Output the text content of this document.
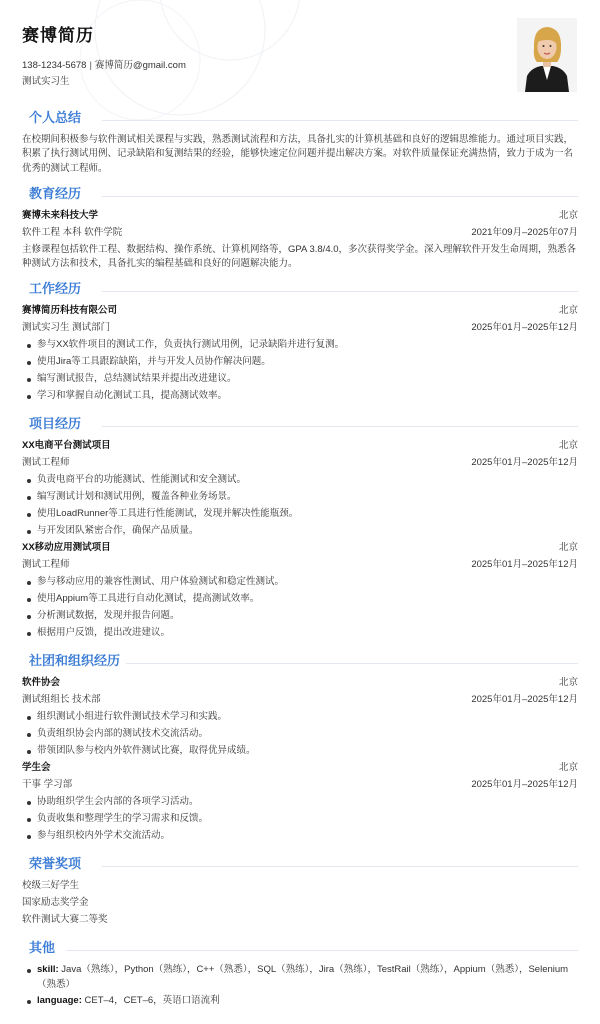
赛博简历
138-1234-5678 | 赛博简历@gmail.com
测试实习生
个人总结
在校期间积极参与软件测试相关课程与实践，熟悉测试流程和方法，具备扎实的计算机基础和良好的逻辑思维能力。通过项目实践，积累了执行测试用例、记录缺陷和复测结果的经验，能够快速定位问题并提出解决方案。对软件质量保证充满热情，致力于成为一名优秀的测试工程师。
教育经历
赛博未来科技大学	北京
软件工程 本科 软件学院	2021年09月–2025年07月
主修课程包括软件工程、数据结构、操作系统、计算机网络等，GPA 3.8/4.0，多次获得奖学金。深入理解软件开发生命周期，熟悉各种测试方法和技术，具备扎实的编程基础和良好的问题解决能力。
工作经历
赛博简历科技有限公司	北京
测试实习生 测试部门	2025年01月–2025年12月
参与XX软件项目的测试工作，负责执行测试用例，记录缺陷并进行复测。
使用Jira等工具跟踪缺陷，并与开发人员协作解决问题。
编写测试报告，总结测试结果并提出改进建议。
学习和掌握自动化测试工具，提高测试效率。
项目经历
XX电商平台测试项目	北京
测试工程师	2025年01月–2025年12月
负责电商平台的功能测试、性能测试和安全测试。
编写测试计划和测试用例，覆盖各种业务场景。
使用LoadRunner等工具进行性能测试，发现并解决性能瓶颈。
与开发团队紧密合作，确保产品质量。
XX移动应用测试项目	北京
测试工程师	2025年01月–2025年12月
参与移动应用的兼容性测试、用户体验测试和稳定性测试。
使用Appium等工具进行自动化测试，提高测试效率。
分析测试数据，发现并报告问题。
根据用户反馈，提出改进建议。
社团和组织经历
软件协会	北京
测试组组长 技术部	2025年01月–2025年12月
组织测试小组进行软件测试技术学习和实践。
负责组织协会内部的测试技术交流活动。
带领团队参与校内外软件测试比赛，取得优异成绩。
学生会	北京
干事 学习部	2025年01月–2025年12月
协助组织学生会内部的各项学习活动。
负责收集和整理学生的学习需求和反馈。
参与组织校内外学术交流活动。
荣誉奖项
校级三好学生
国家励志奖学金
软件测试大赛二等奖
其他
skill: Java（熟练），Python（熟练），C++（熟悉），SQL（熟练），Jira（熟练），TestRail（熟练），Appium（熟悉），Selenium（熟悉）
language: CET–4，CET–6，英语口语流利
